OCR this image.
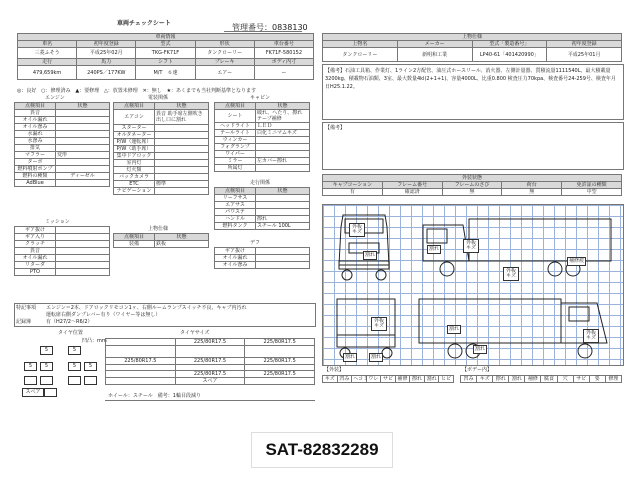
車両チェックシート	管理番号：0838130
車両情報				
車名	初年度登録	型式	形状	車台番号
三菱ふそう	平成25年02月	TKG-FK71F	タンクローリー	FK71F-580152
走行	馬力	シフト	ブレーキ	ボディ内寸
479,659km	240PS／177KW	M/T　６速	エアー	ー
◎：良好 ○：修理済み ▲：要修理 △：放置未修理 ✕：無し ★：あくまでも当社判断基準となります
エンジン
点検項目	状態
異音	
オイル漏れ	
オイル滲み	
水漏れ	
水滲み	
排気	
マフラー	変形
ターボ	
燃料噴射ポンプ	
燃料の種類	ディーゼル
AdBlue	
ミッション
ギア抜け	
ギア入り	
クラッチ	
異音	
オイル漏れ	
リターダ	
PTO	
電装関係
点検項目	状態
エアコン	異音 助手席左側吹き出し口に割れ
スターター	
オルタネーター	
P/W（運転席）	
P/W（助手席）	
集中ドアロック	
室内灯	
灯火類	
バックカメラ	
ETC	標準
ナビゲーション	
上物仕様
点検項目	状態
装備	鉄板
キャビン
点検項目	状態
シート	破れ、へたり、擦れ テープ補修
ヘッドライト	ＬＥＤ
テールライト	白化ミニマムキズ
ウィンカー	
フォグランプ	
ワイパー	
ミラー	左カバー擦れ
所属灯	
走行関係
点検項目	状態
リーフサス	
エアサス	
パワステ	
ハンドル	擦れ
燃料タンク	スチール 100L
デフ
ギア抜け	
オイル漏れ	
オイル滲み	
特記事項 エンジン＝2本、ドアロックリモコン1ヶ、右側ルームランプスイッチ不良、キャブ内汚れ
運転席右側ダンプレバー有り（ワイヤー等は無し）
記録簿	有（H27/2〜R6/2）
タイヤ位置
凹凸：mm
5	5
5	5	5	5
スペア
タイヤサイズ
	225/80R17.5	225/80R17.5

225/80R17.5	225/80R17.5	225/80R17.5

	225/80R17.5	225/80R17.5
	スペア	
ホイール：スチール　 備考：1輪目段減り
上物仕様			
上物名	メーカー	型式「製造番号」	初年度登録
タンクローリー	新明和工業	LP40-61「401420990」	平成25年01月
【備考】石油工具箱、作業灯、1ライン2方配管、油圧式ホースリール、消火器、左側計量器、質積流量1111540L、最大積載量3200kg、積載物石油類、3室、最大数量4kl(2+1+1)、容量4000L、比重0.800 検査圧力70kpa、検査番号24-259号、検査年月日H25.1.22。
【備考】
外装状態				
キャブコーション	フレーム番号	フレームのさび	荷台	免許証の種類
有	確認済	無	無	中型
外板キズ
割れ
外板キズ
割れ
外板キズ
補修痕
外板キズ
割れ	割れ
割れ
割れ
外板キズ
【外装】	【ボデー内】
キズ	凹み	ヘコミ	ワレ	サビ	補修	擦れ	割れ	ヒビ 凹み	キズ	擦れ	割れ	補修	腐食	穴	サビ	要	修理
SAT-82832289
